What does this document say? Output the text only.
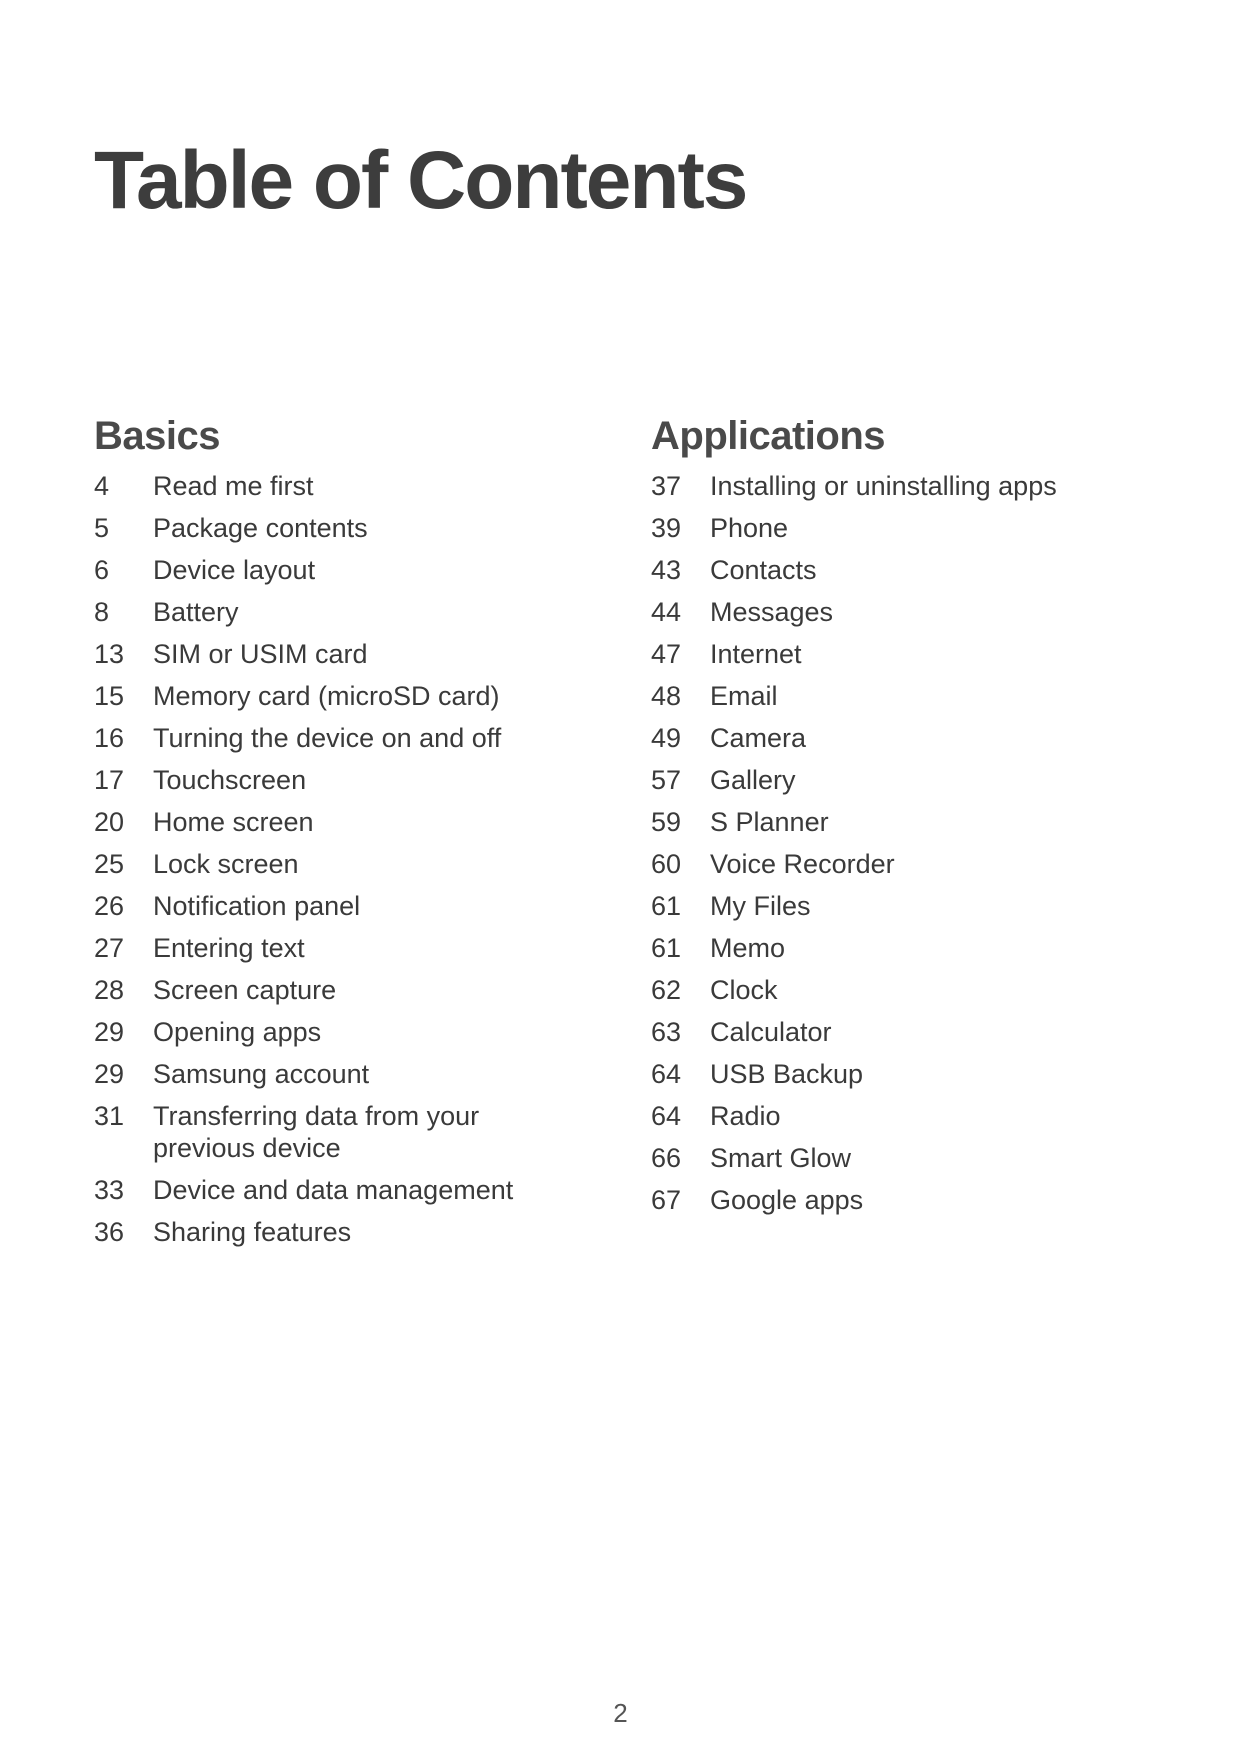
Table of Contents
Basics
4	Read me first
5	Package contents
6	Device layout
8	Battery
13	SIM or USIM card
15	Memory card (microSD card)
16	Turning the device on and off
17	Touchscreen
20	Home screen
25	Lock screen
26	Notification panel
27	Entering text
28	Screen capture
29	Opening apps
29	Samsung account
31	Transferring data from your previous device
33	Device and data management
36	Sharing features
Applications
37	Installing or uninstalling apps
39	Phone
43	Contacts
44	Messages
47	Internet
48	Email
49	Camera
57	Gallery
59	S Planner
60	Voice Recorder
61	My Files
61	Memo
62	Clock
63	Calculator
64	USB Backup
64	Radio
66	Smart Glow
67	Google apps
2
